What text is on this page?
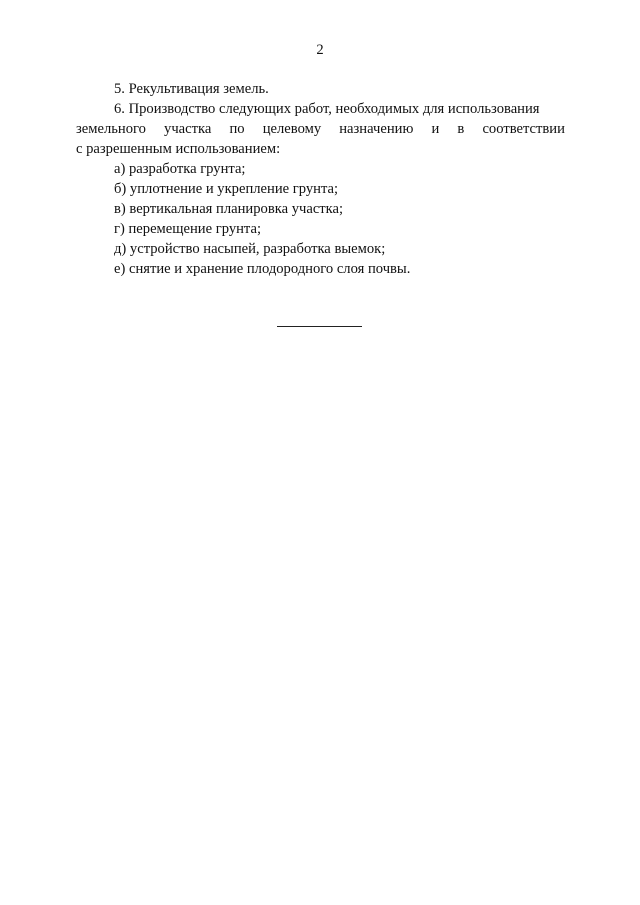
2
5. Рекультивация земель.
6. Производство следующих работ, необходимых для использования
земельного участка по целевому назначению и в соответствии
с разрешенным использованием:
а) разработка грунта;
б) уплотнение и укрепление грунта;
в) вертикальная планировка участка;
г) перемещение грунта;
д) устройство насыпей, разработка выемок;
е) снятие и хранение плодородного слоя почвы.
